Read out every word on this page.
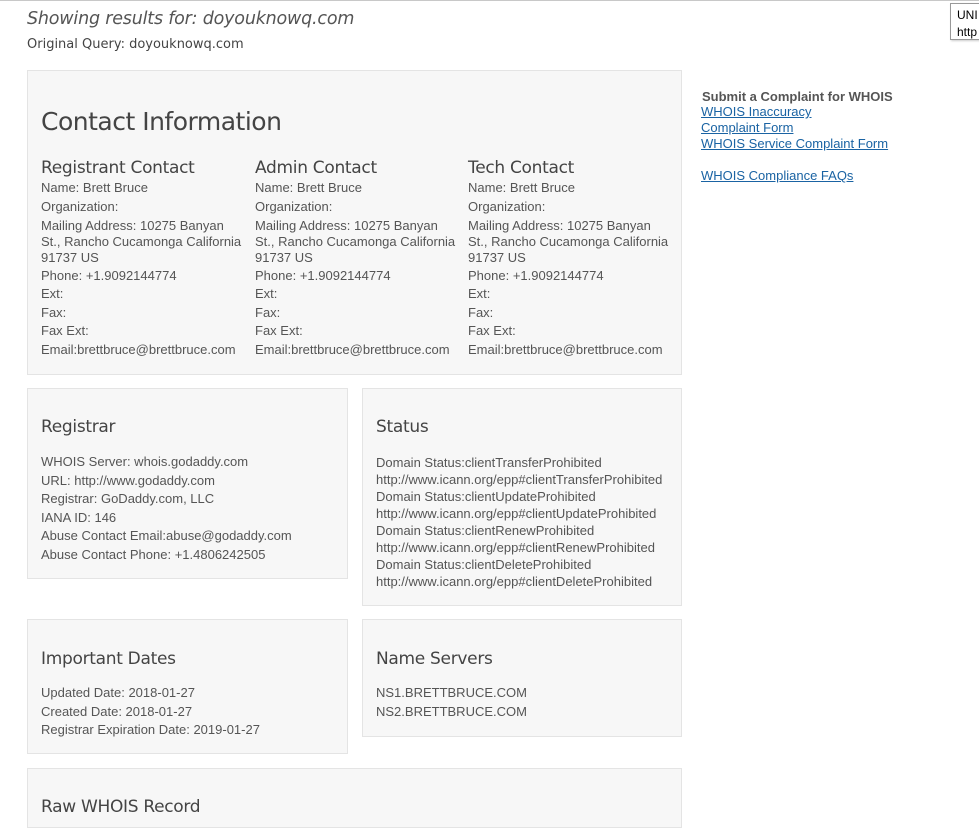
Showing results for: doyouknowq.com
Original Query: doyouknowq.com
UNI
http
Contact Information
Registrant Contact
Name: Brett Bruce
Organization:
Mailing Address: 10275 Banyan St., Rancho Cucamonga California 91737 US
Phone: +1.9092144774
Ext:
Fax:
Fax Ext:
Email:brettbruce@brettbruce.com
Admin Contact
Name: Brett Bruce
Organization:
Mailing Address: 10275 Banyan St., Rancho Cucamonga California 91737 US
Phone: +1.9092144774
Ext:
Fax:
Fax Ext:
Email:brettbruce@brettbruce.com
Tech Contact
Name: Brett Bruce
Organization:
Mailing Address: 10275 Banyan St., Rancho Cucamonga California 91737 US
Phone: +1.9092144774
Ext:
Fax:
Fax Ext:
Email:brettbruce@brettbruce.com
Registrar
WHOIS Server: whois.godaddy.com
URL: http://www.godaddy.com
Registrar: GoDaddy.com, LLC
IANA ID: 146
Abuse Contact Email:abuse@godaddy.com
Abuse Contact Phone: +1.4806242505
Status
Domain Status:clientTransferProhibited
http://www.icann.org/epp#clientTransferProhibited
Domain Status:clientUpdateProhibited
http://www.icann.org/epp#clientUpdateProhibited
Domain Status:clientRenewProhibited
http://www.icann.org/epp#clientRenewProhibited
Domain Status:clientDeleteProhibited
http://www.icann.org/epp#clientDeleteProhibited
Important Dates
Updated Date: 2018-01-27
Created Date: 2018-01-27
Registrar Expiration Date: 2019-01-27
Name Servers
NS1.BRETTBRUCE.COM
NS2.BRETTBRUCE.COM
Raw WHOIS Record
Submit a Complaint for WHOIS
WHOIS Inaccuracy
Complaint Form
WHOIS Service Complaint Form
WHOIS Compliance FAQs
